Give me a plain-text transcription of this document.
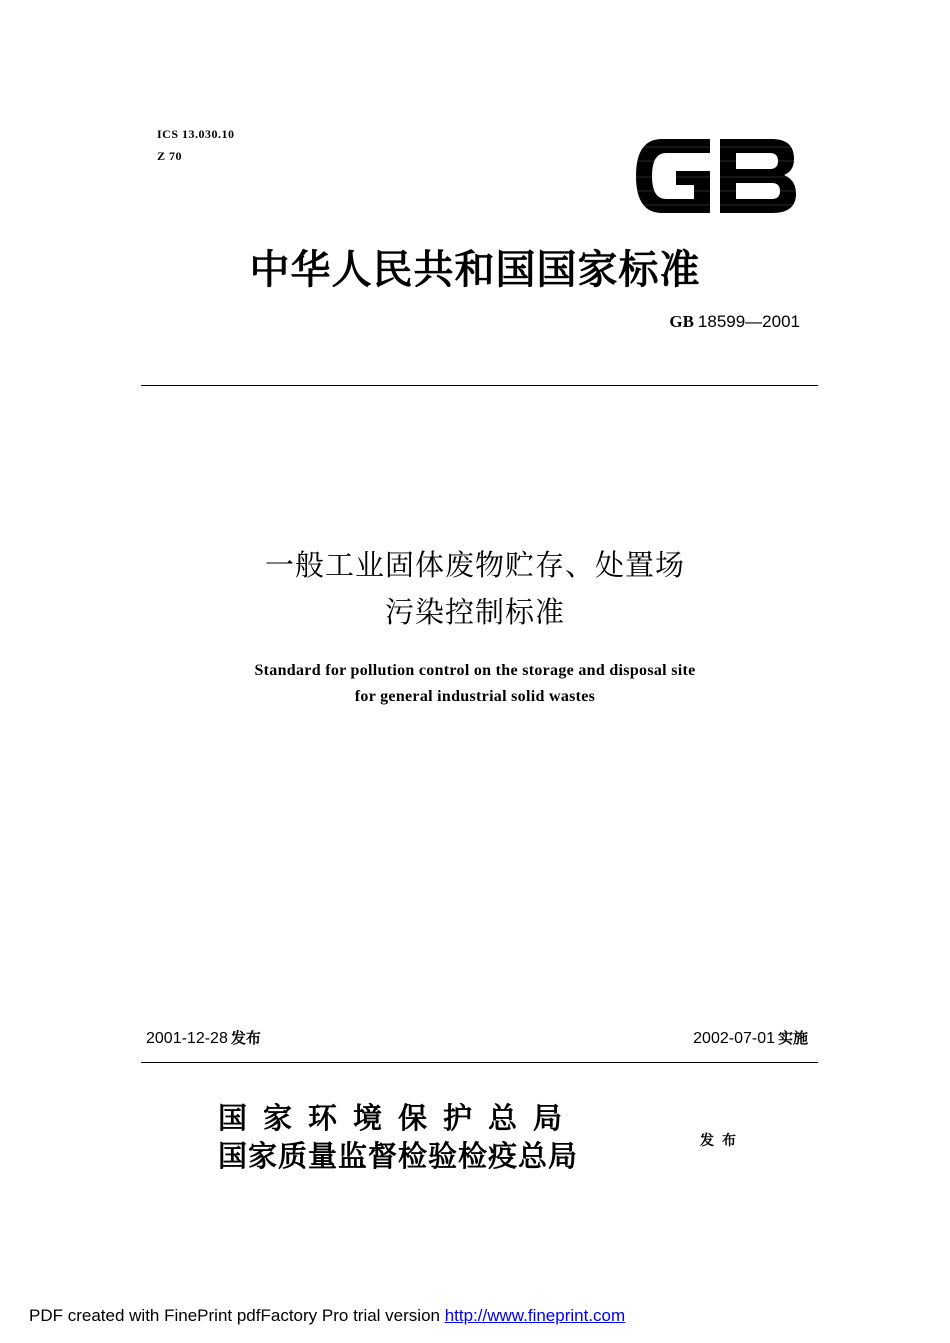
ICS 13.030.10
Z 70
中华人民共和国国家标准
GB 18599—2001
一般工业固体废物贮存、处置场
污染控制标准
Standard for pollution control on the storage and disposal site
for general industrial solid wastes
2001-12-28 发布	2002-07-01 实施
国家环境保护总局
国家质量监督检验检疫总局	发布
PDF created with FinePrint pdfFactory Pro trial version http://www.fineprint.com
